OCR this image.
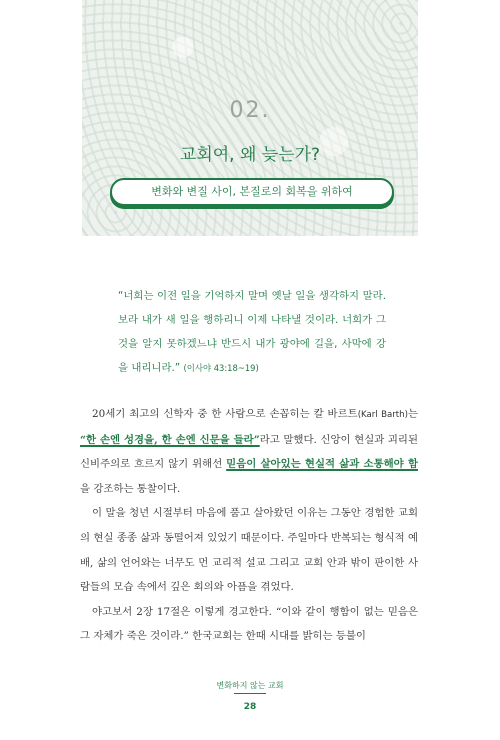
02.
교회여, 왜 늦는가?
변화와 변질 사이, 본질로의 회복을 위하여
“너희는 이전 일을 기억하지 말며 옛날 일을 생각하지 말라. 보라 내가 새 일을 행하리니 이제 나타낼 것이라. 너희가 그것을 알지 못하겠느냐 반드시 내가 광야에 길을, 사막에 강을 내리니라.” (이사야 43:18~19)

20세기 최고의 신학자 중 한 사람으로 손꼽히는 칼 바르트(Karl Barth)는 “한 손엔 성경을, 한 손엔 신문을 들라”라고 말했다. 신앙이 현실과 괴리된 신비주의로 흐르지 않기 위해선 믿음이 살아있는 현실적 삶과 소통해야 함을 강조하는 통찰이다.

이 말을 청년 시절부터 마음에 품고 살아왔던 이유는 그동안 경험한 교회의 현실 종종 삶과 동떨어져 있었기 때문이다. 주일마다 반복되는 형식적 예배, 삶의 언어와는 너무도 먼 교리적 설교 그리고 교회 안과 밖이 판이한 사람들의 모습 속에서 깊은 회의와 아픔을 겪었다.

야고보서 2장 17절은 이렇게 경고한다. “이와 같이 행함이 없는 믿음은 그 자체가 죽은 것이라.” 한국교회는 한때 시대를 밝히는 등불이

변화하지 않는 교회
28
